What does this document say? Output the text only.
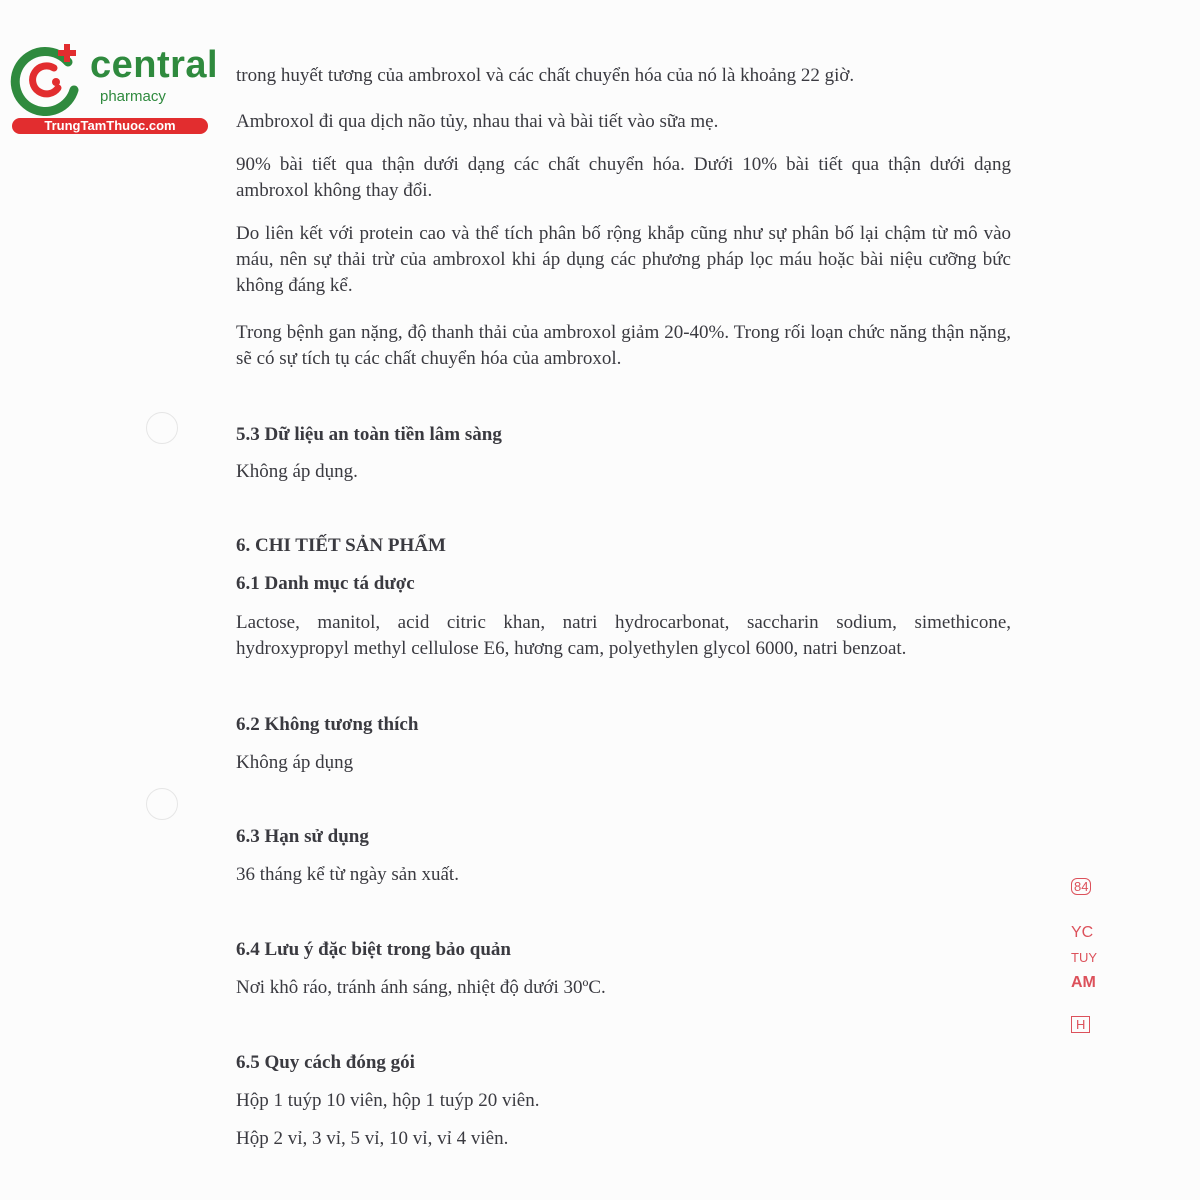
central
pharmacy
TrungTamThuoc.com

trong huyết tương của ambroxol và các chất chuyển hóa của nó là khoảng 22 giờ.

Ambroxol đi qua dịch não tủy, nhau thai và bài tiết vào sữa mẹ.

90% bài tiết qua thận dưới dạng các chất chuyển hóa. Dưới 10% bài tiết qua thận dưới dạng ambroxol không thay đổi.

Do liên kết với protein cao và thể tích phân bố rộng khắp cũng như sự phân bố lại chậm từ mô vào máu, nên sự thải trừ của ambroxol khi áp dụng các phương pháp lọc máu hoặc bài niệu cưỡng bức không đáng kể.

Trong bệnh gan nặng, độ thanh thải của ambroxol giảm 20-40%. Trong rối loạn chức năng thận nặng, sẽ có sự tích tụ các chất chuyển hóa của ambroxol.

5.3 Dữ liệu an toàn tiền lâm sàng

Không áp dụng.

6. CHI TIẾT SẢN PHẨM
6.1 Danh mục tá dược

Lactose, manitol, acid citric khan, natri hydrocarbonat, saccharin sodium, simethicone, hydroxypropyl methyl cellulose E6, hương cam, polyethylen glycol 6000, natri benzoat.

6.2 Không tương thích

Không áp dụng

6.3 Hạn sử dụng

36 tháng kể từ ngày sản xuất.

6.4 Lưu ý đặc biệt trong bảo quản

Nơi khô ráo, tránh ánh sáng, nhiệt độ dưới 30ºC.

6.5 Quy cách đóng gói

Hộp 1 tuýp 10 viên, hộp 1 tuýp 20 viên.

Hộp 2 vỉ, 3 vỉ, 5 vỉ, 10 vỉ, vỉ 4 viên.

84
YC
TUY
AM
H
